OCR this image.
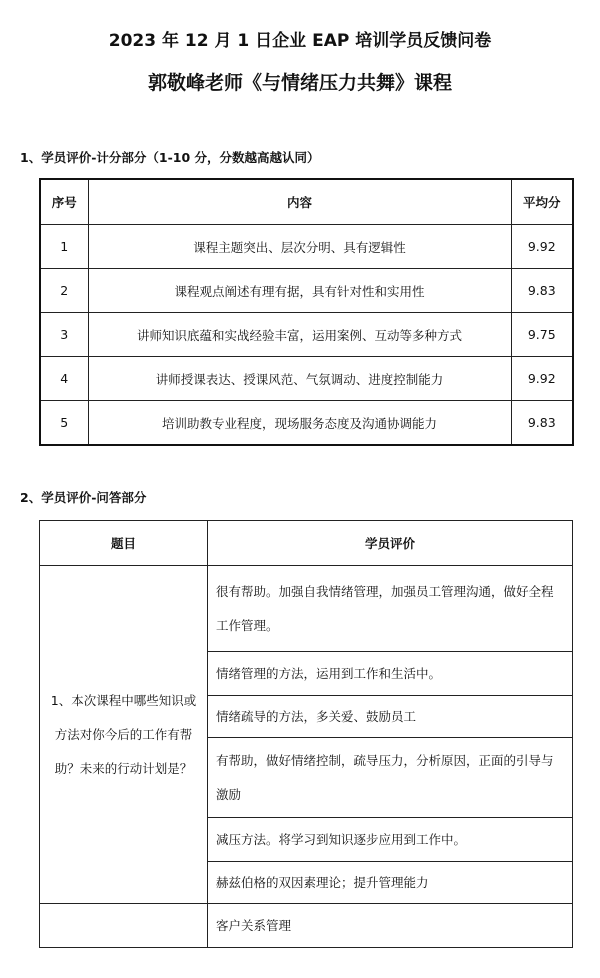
2023 年 12 月 1 日企业 EAP 培训学员反馈问卷
郭敬峰老师《与情绪压力共舞》课程
1、学员评价-计分部分（1-10 分，分数越高越认同）
序号	内容	平均分
1	课程主题突出、层次分明、具有逻辑性	9.92
2	课程观点阐述有理有据，具有针对性和实用性	9.83
3	讲师知识底蕴和实战经验丰富，运用案例、互动等多种方式	9.75
4	讲师授课表达、授课风范、气氛调动、进度控制能力	9.92
5	培训助教专业程度，现场服务态度及沟通协调能力	9.83
2、学员评价-问答部分
题目	学员评价
1、本次课程中哪些知识或方法对你今后的工作有帮助？未来的行动计划是？	很有帮助。加强自我情绪管理，加强员工管理沟通，做好全程工作管理。
	情绪管理的方法，运用到工作和生活中。
	情绪疏导的方法，多关爱、鼓励员工
	有帮助，做好情绪控制，疏导压力，分析原因，正面的引导与激励
	减压方法。将学习到知识逐步应用到工作中。
	赫兹伯格的双因素理论；提升管理能力
	客户关系管理
